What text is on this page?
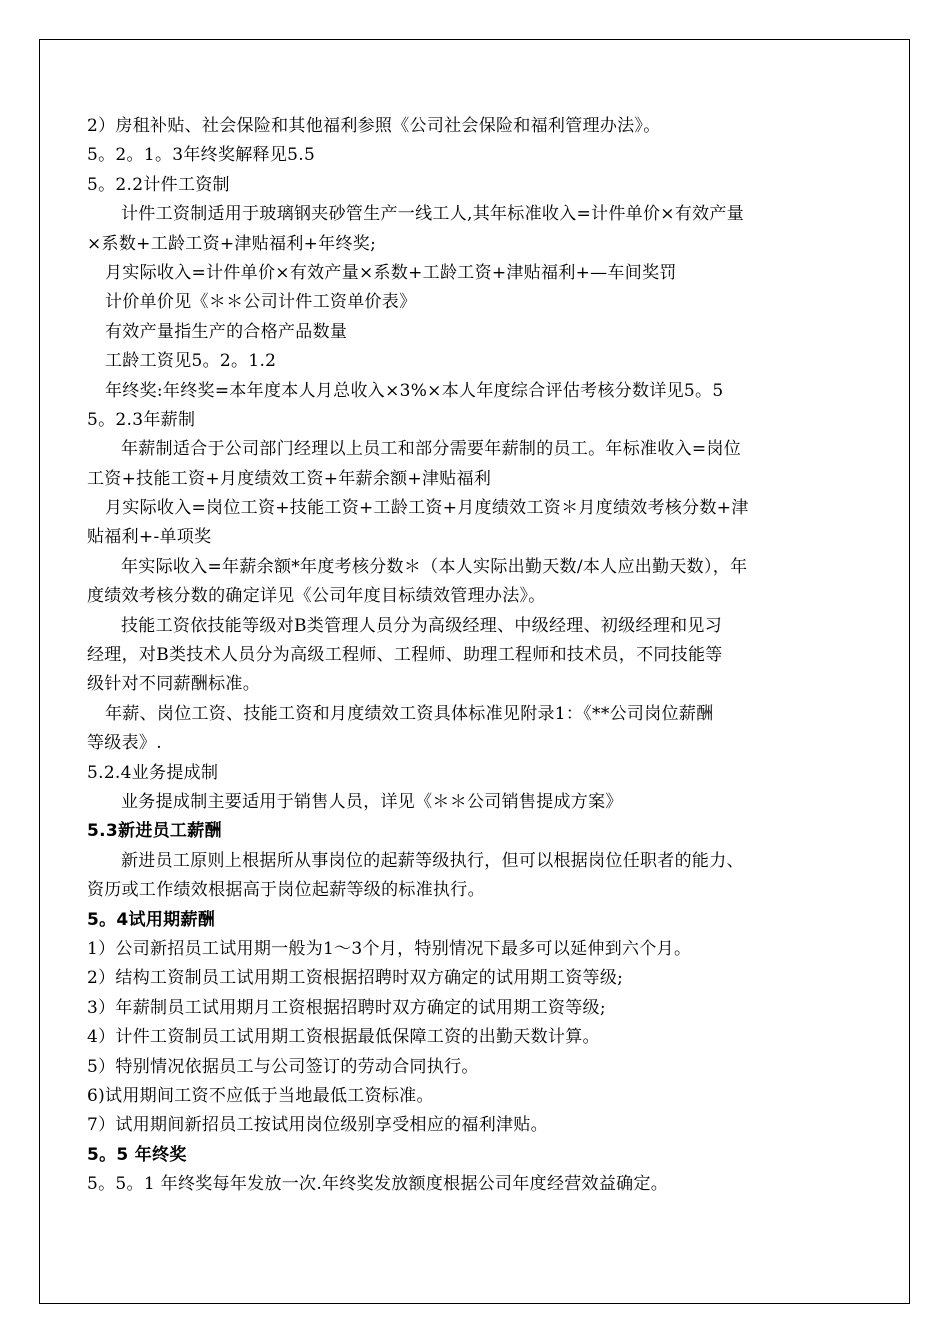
2）房租补贴、社会保险和其他福利参照《公司社会保险和福利管理办法》。
5。2。1。3年终奖解释见5.5
5。2.2计件工资制
计件工资制适用于玻璃钢夹砂管生产一线工人,其年标准收入=计件单价×有效产量
×系数+工龄工资+津贴福利+年终奖;
月实际收入=计件单价×有效产量×系数+工龄工资+津贴福利+—车间奖罚
计价单价见《＊＊公司计件工资单价表》
有效产量指生产的合格产品数量
工龄工资见5。2。1.2
年终奖:年终奖=本年度本人月总收入×3%×本人年度综合评估考核分数详见5。5
5。2.3年薪制
年薪制适合于公司部门经理以上员工和部分需要年薪制的员工。年标准收入=岗位
工资+技能工资+月度绩效工资+年薪余额+津贴福利
月实际收入=岗位工资+技能工资+工龄工资+月度绩效工资＊月度绩效考核分数+津
贴福利+-单项奖
年实际收入=年薪余额*年度考核分数＊（本人实际出勤天数/本人应出勤天数），年
度绩效考核分数的确定详见《公司年度目标绩效管理办法》。
技能工资依技能等级对B类管理人员分为高级经理、中级经理、初级经理和见习
经理，对B类技术人员分为高级工程师、工程师、助理工程师和技术员，不同技能等
级针对不同薪酬标准。
年薪、岗位工资、技能工资和月度绩效工资具体标准见附录1：《**公司岗位薪酬
等级表》.
5.2.4业务提成制
业务提成制主要适用于销售人员，详见《＊＊公司销售提成方案》
5.3新进员工薪酬
新进员工原则上根据所从事岗位的起薪等级执行，但可以根据岗位任职者的能力、
资历或工作绩效根据高于岗位起薪等级的标准执行。
5。4试用期薪酬
1）公司新招员工试用期一般为1～3个月，特别情况下最多可以延伸到六个月。
2）结构工资制员工试用期工资根据招聘时双方确定的试用期工资等级;
3）年薪制员工试用期月工资根据招聘时双方确定的试用期工资等级;
4）计件工资制员工试用期工资根据最低保障工资的出勤天数计算。
5）特别情况依据员工与公司签订的劳动合同执行。
6)试用期间工资不应低于当地最低工资标准。
7）试用期间新招员工按试用岗位级别享受相应的福利津贴。
5。5 年终奖
5。5。1 年终奖每年发放一次.年终奖发放额度根据公司年度经营效益确定。
